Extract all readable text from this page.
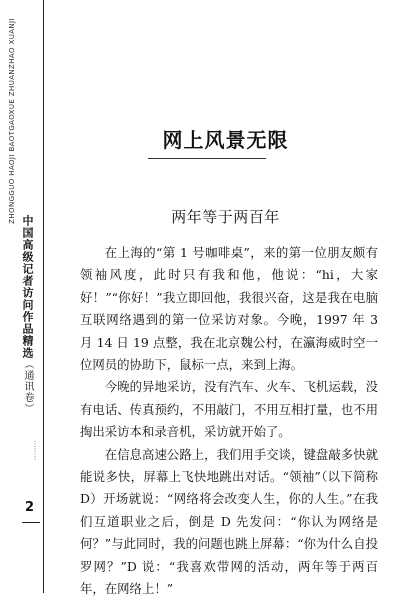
ZHONGGUO HAOJI BAOTGAOXUE ZHUANZHAO XUANJI
中国高级记者访问作品精选（通讯卷）
········
2
网上风景无限
两年等于两百年

在上海的“第 1 号咖啡桌”，来的第一位朋友颇有领袖风度，此时只有我和他，他说：“hi，大家好！”“你好！”我立即回他，我很兴奋，这是我在电脑互联网络遇到的第一位采访对象。今晚，1997 年 3 月 14 日 19 点整，我在北京魏公村，在瀛海威时空一位网员的协助下，鼠标一点，来到上海。

今晚的异地采访，没有汽车、火车、飞机运载，没有电话、传真预约，不用敲门，不用互相打量，也不用掏出采访本和录音机，采访就开始了。

在信息高速公路上，我们用手交谈，键盘敲多快就能说多快，屏幕上飞快地跳出对话。“领袖”（以下简称 D）开场就说：“网络将会改变人生，你的人生。”在我们互道职业之后，倒是 D 先发问：“你认为网络是何？”与此同时，我的问题也跳上屏幕：“你为什么自投罗网？”D 说：“我喜欢带网的活动，两年等于两百年，在网络上！”
